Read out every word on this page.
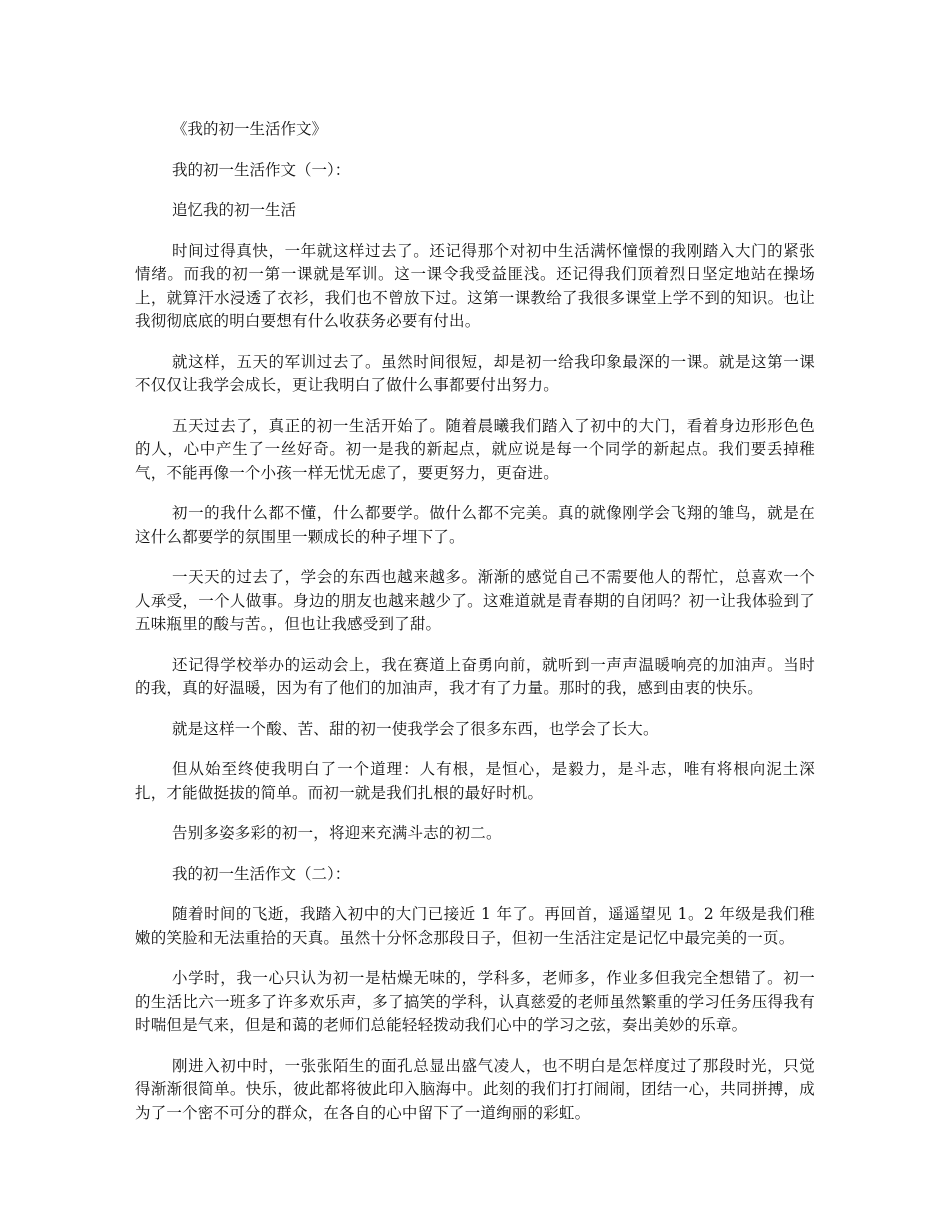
《我的初一生活作文》

我的初一生活作文（一）：

追忆我的初一生活

时间过得真快，一年就这样过去了。还记得那个对初中生活满怀憧憬的我刚踏入大门的紧张情绪。而我的初一第一课就是军训。这一课令我受益匪浅。还记得我们顶着烈日坚定地站在操场上，就算汗水浸透了衣衫，我们也不曾放下过。这第一课教给了我很多课堂上学不到的知识。也让我彻彻底底的明白要想有什么收获务必要有付出。

就这样，五天的军训过去了。虽然时间很短，却是初一给我印象最深的一课。就是这第一课不仅仅让我学会成长，更让我明白了做什么事都要付出努力。

五天过去了，真正的初一生活开始了。随着晨曦我们踏入了初中的大门，看着身边形形色色的人，心中产生了一丝好奇。初一是我的新起点，就应说是每一个同学的新起点。我们要丢掉稚气，不能再像一个小孩一样无忧无虑了，要更努力，更奋进。

初一的我什么都不懂，什么都要学。做什么都不完美。真的就像刚学会飞翔的雏鸟，就是在这什么都要学的氛围里一颗成长的种子埋下了。

一天天的过去了，学会的东西也越来越多。渐渐的感觉自己不需要他人的帮忙，总喜欢一个人承受，一个人做事。身边的朋友也越来越少了。这难道就是青春期的自闭吗？初一让我体验到了五味瓶里的酸与苦。，但也让我感受到了甜。

还记得学校举办的运动会上，我在赛道上奋勇向前，就听到一声声温暖响亮的加油声。当时的我，真的好温暖，因为有了他们的加油声，我才有了力量。那时的我，感到由衷的快乐。

就是这样一个酸、苦、甜的初一使我学会了很多东西，也学会了长大。

但从始至终使我明白了一个道理：人有根，是恒心，是毅力，是斗志，唯有将根向泥土深扎，才能做挺拔的简单。而初一就是我们扎根的最好时机。

告别多姿多彩的初一，将迎来充满斗志的初二。

我的初一生活作文（二）：

随着时间的飞逝，我踏入初中的大门已接近 1 年了。再回首，遥遥望见 1。2 年级是我们稚嫩的笑脸和无法重拾的天真。虽然十分怀念那段日子，但初一生活注定是记忆中最完美的一页。

小学时，我一心只认为初一是枯燥无味的，学科多，老师多，作业多但我完全想错了。初一的生活比六一班多了许多欢乐声，多了搞笑的学科，认真慈爱的老师虽然繁重的学习任务压得我有时喘但是气来，但是和蔼的老师们总能轻轻拨动我们心中的学习之弦，奏出美妙的乐章。

刚进入初中时，一张张陌生的面孔总显出盛气凌人，也不明白是怎样度过了那段时光，只觉得渐渐很简单。快乐，彼此都将彼此印入脑海中。此刻的我们打打闹闹，团结一心，共同拼搏，成为了一个密不可分的群众，在各自的心中留下了一道绚丽的彩虹。
